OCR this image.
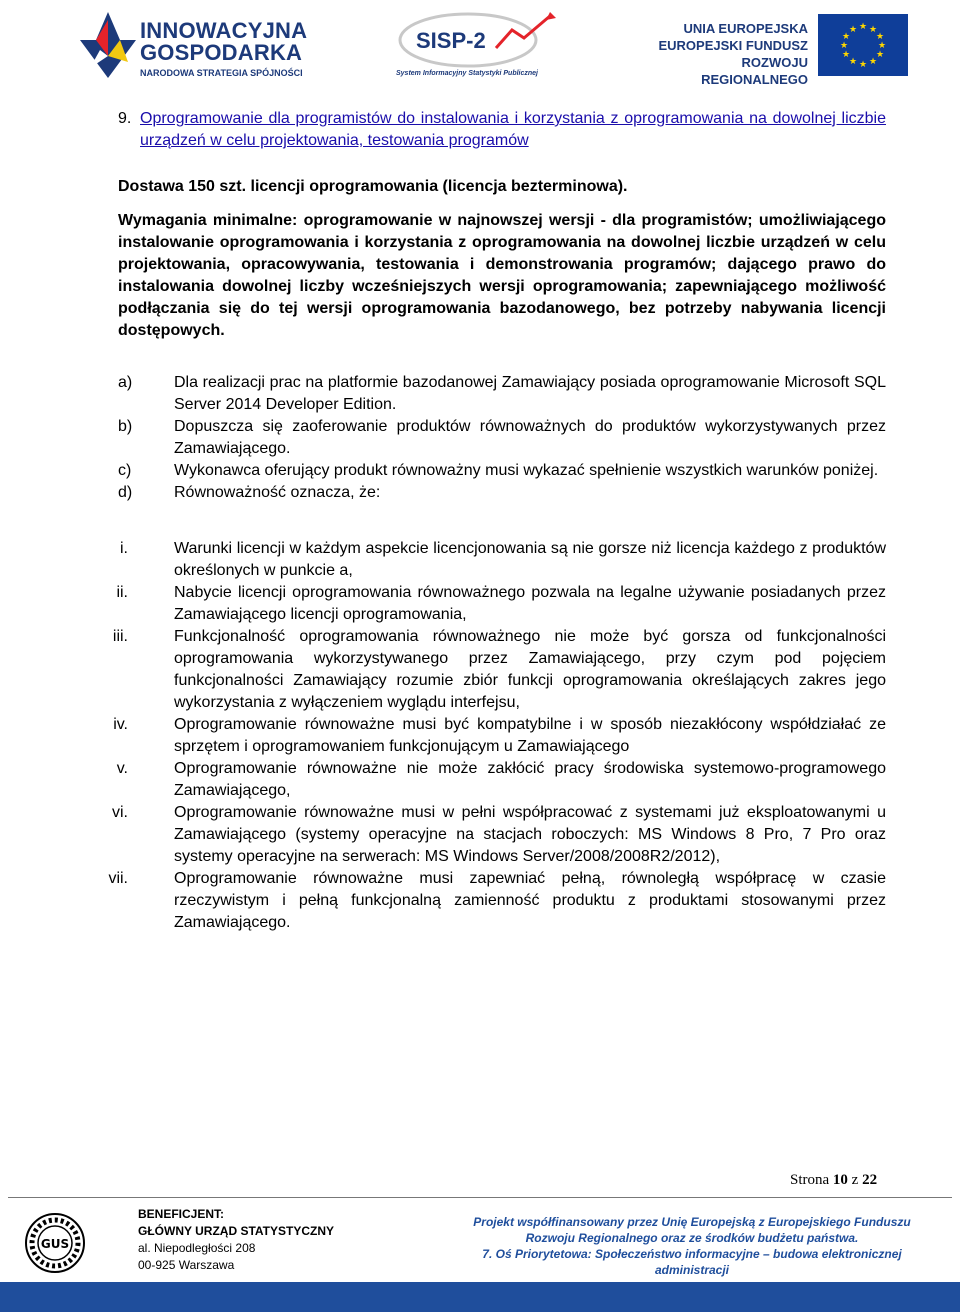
INNOWACYJNA
GOSPODARKA
NARODOWA STRATEGIA SPÓJNOŚCI
SISP-2
System Informacyjny Statystyki Publicznej
UNIA EUROPEJSKA
EUROPEJSKI FUNDUSZ
ROZWOJU REGIONALNEGO
★ ★
★
★
★
★
★
★
★
★
★
★
9. Oprogramowanie dla programistów do instalowania i korzystania z oprogramowania na dowolnej liczbie urządzeń w celu projektowania, testowania programów
Dostawa 150 szt. licencji oprogramowania (licencja bezterminowa).
Wymagania minimalne: oprogramowanie w najnowszej wersji - dla programistów; umożliwiającego instalowanie oprogramowania i korzystania z oprogramowania na dowolnej liczbie urządzeń w celu projektowania, opracowywania, testowania i demonstrowania programów; dającego prawo do instalowania dowolnej liczby wcześniejszych wersji oprogramowania; zapewniającego możliwość podłączania się do tej wersji oprogramowania bazodanowego, bez potrzeby nabywania licencji dostępowych.
a)	Dla realizacji prac na platformie bazodanowej Zamawiający posiada oprogramowanie Microsoft SQL Server 2014 Developer Edition.
b)	Dopuszcza się zaoferowanie produktów równoważnych do produktów wykorzystywanych przez Zamawiającego.
c)	Wykonawca oferujący produkt równoważny musi wykazać spełnienie wszystkich warunków poniżej.
d)	Równoważność oznacza, że:
i.	Warunki licencji w każdym aspekcie licencjonowania są nie gorsze niż licencja każdego z produktów określonych w punkcie a,
ii.	Nabycie licencji oprogramowania równoważnego pozwala na legalne używanie posiadanych przez Zamawiającego licencji oprogramowania,
iii.	Funkcjonalność oprogramowania równoważnego nie może być gorsza od funkcjonalności oprogramowania wykorzystywanego przez Zamawiającego, przy czym pod pojęciem funkcjonalności Zamawiający rozumie zbiór funkcji oprogramowania określających zakres jego wykorzystania z wyłączeniem wyglądu interfejsu,
iv.	Oprogramowanie równoważne musi być kompatybilne i w sposób niezakłócony współdziałać ze sprzętem i oprogramowaniem funkcjonującym u Zamawiającego
v.	Oprogramowanie równoważne nie może zakłócić pracy środowiska systemowo-programowego Zamawiającego,
vi.	Oprogramowanie równoważne musi w pełni współpracować z systemami już eksploatowanymi u Zamawiającego (systemy operacyjne na stacjach roboczych: MS Windows 8 Pro, 7 Pro oraz systemy operacyjne na serwerach: MS Windows Server/2008/2008R2/2012),
vii.	Oprogramowanie równoważne musi zapewniać pełną, równoległą współpracę w czasie rzeczywistym i pełną funkcjonalną zamienność produktu z produktami stosowanymi przez Zamawiającego.
Strona 10 z 22
GUS
BENEFICJENT:
GŁÓWNY URZĄD STATYSTYCZNY
al. Niepodległości 208
00-925 Warszawa
Projekt współfinansowany przez Unię Europejską z Europejskiego Funduszu
Rozwoju Regionalnego oraz ze środków budżetu państwa.
7. Oś Priorytetowa: Społeczeństwo informacyjne – budowa elektronicznej
administracji
